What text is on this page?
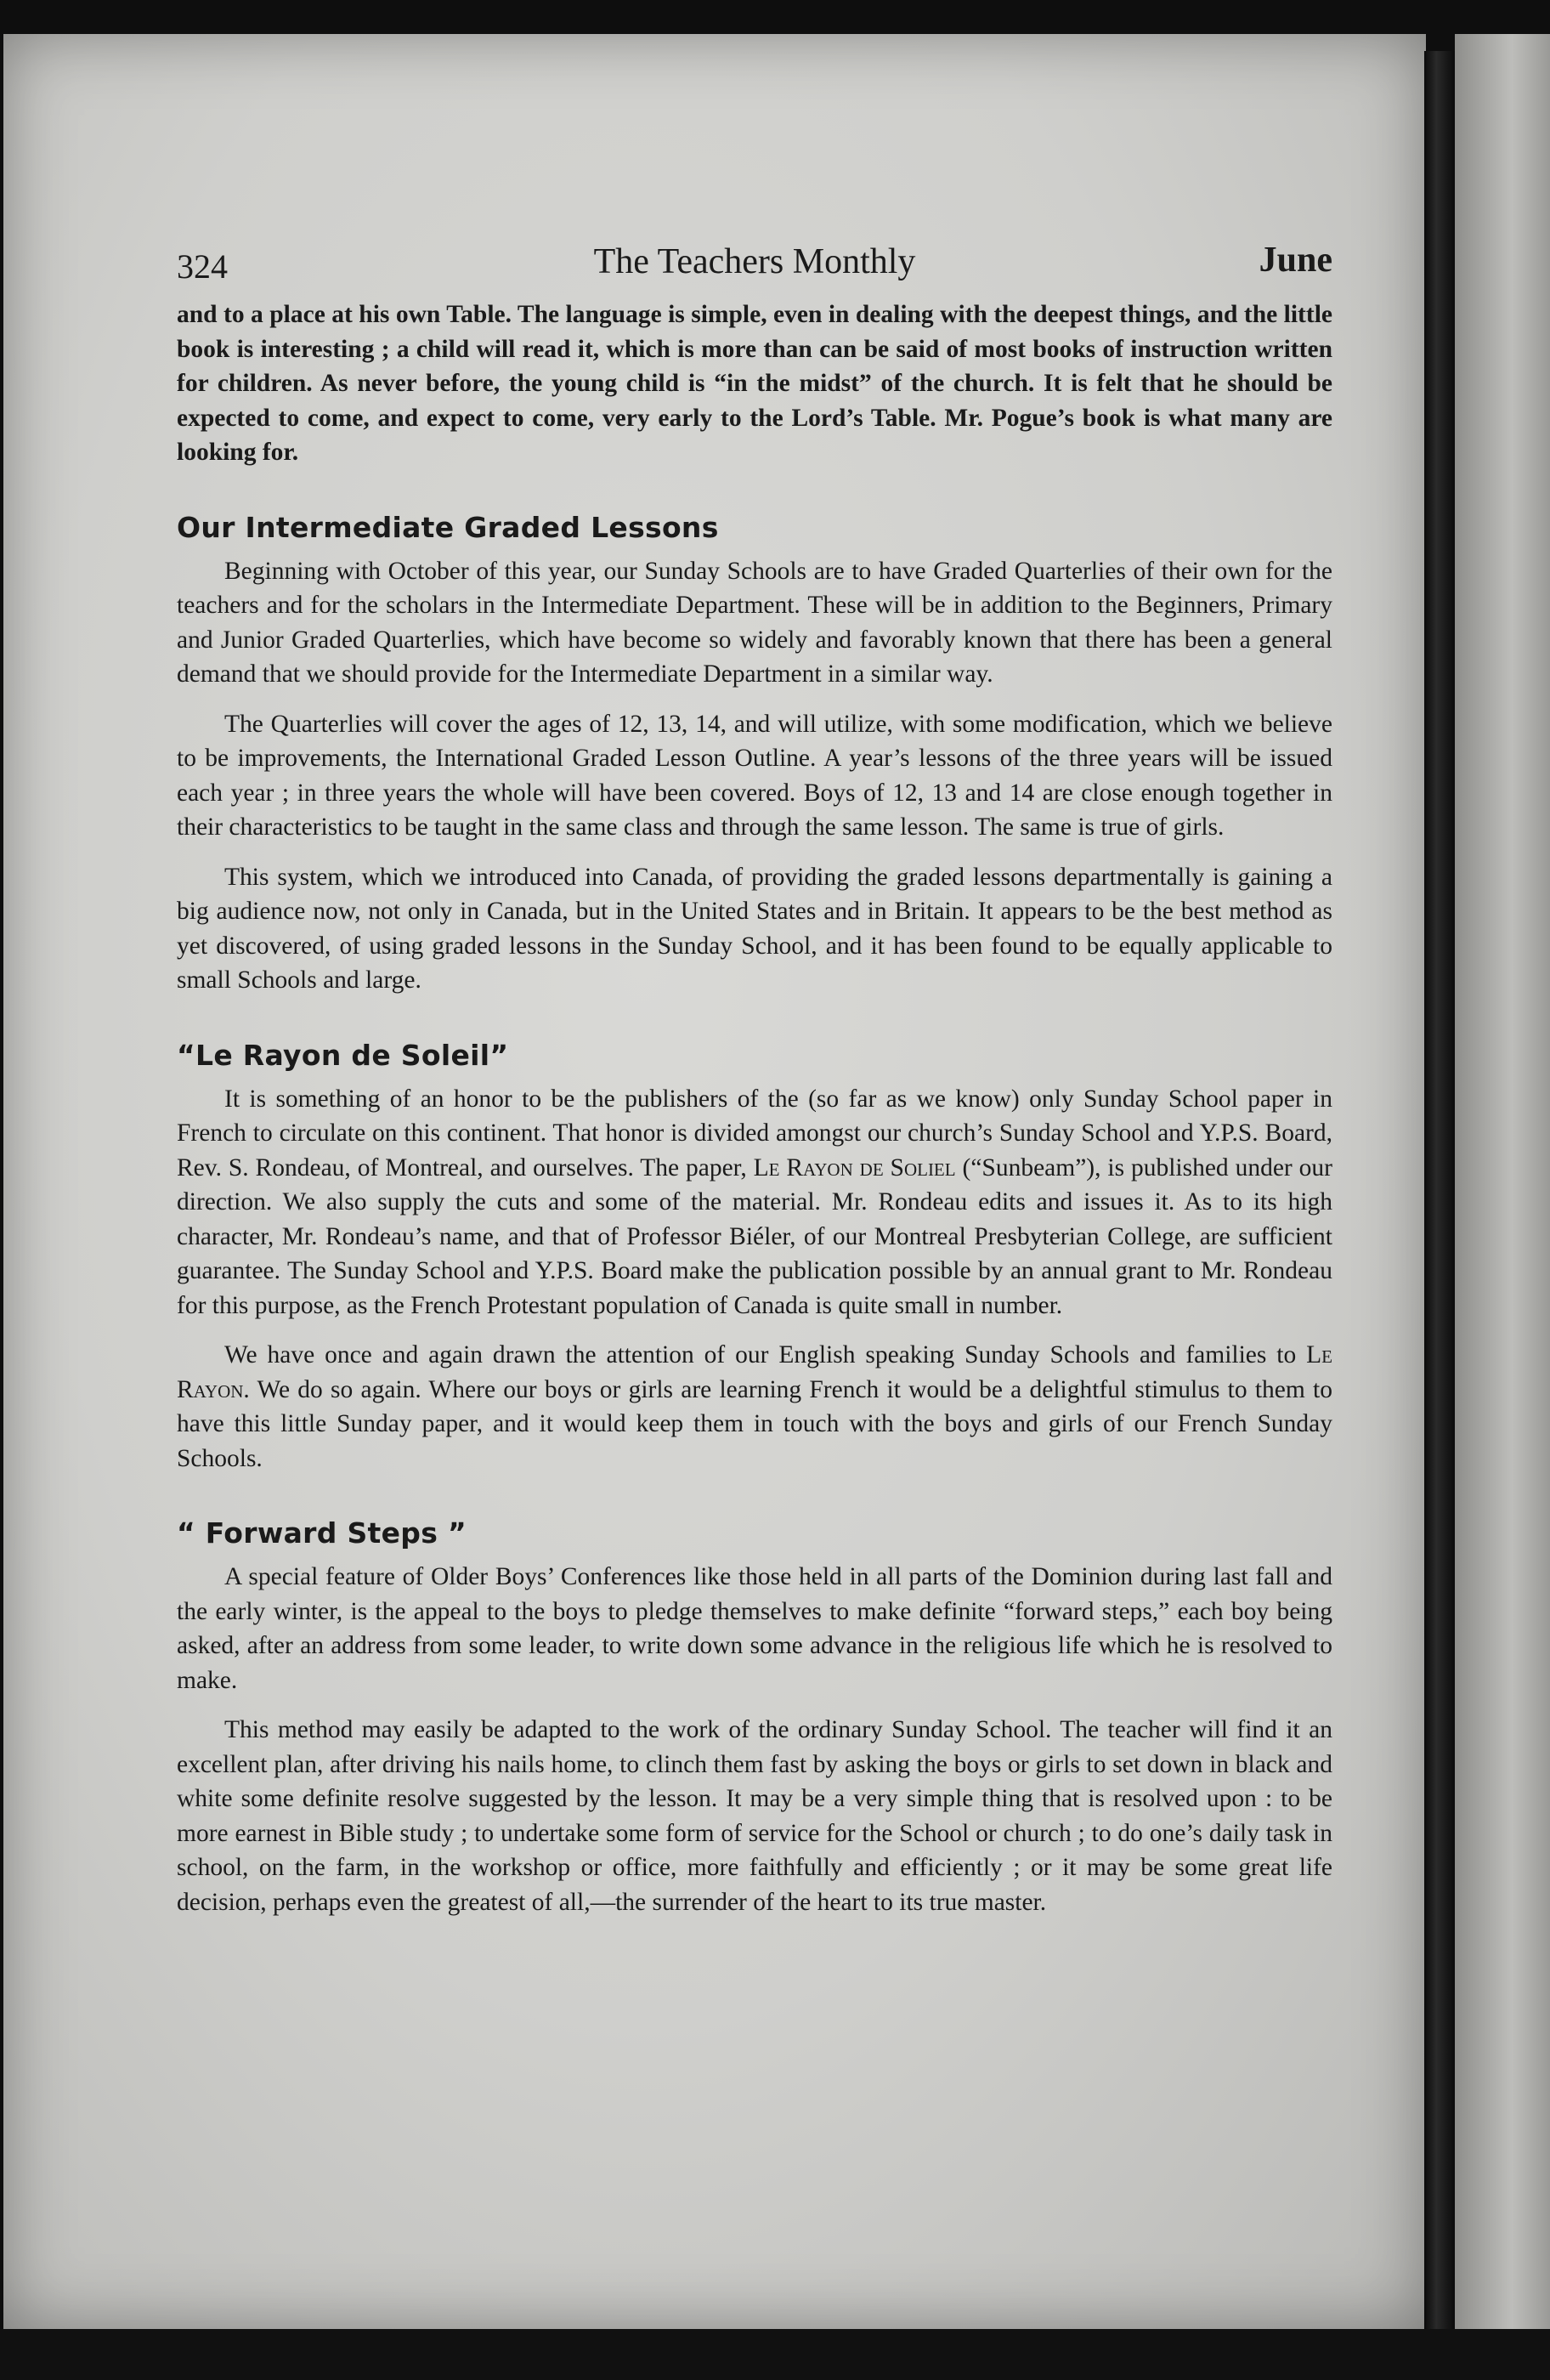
324	The Teachers Monthly	June

and to a place at his own Table. The language is simple, even in dealing with the deepest things, and the little book is interesting ; a child will read it, which is more than can be said of most books of instruction written for children. As never before, the young child is “in the midst” of the church. It is felt that he should be expected to come, and expect to come, very early to the Lord’s Table. Mr. Pogue’s book is what many are looking for.

Our Intermediate Graded Lessons

Beginning with October of this year, our Sunday Schools are to have Graded Quarterlies of their own for the teachers and for the scholars in the Intermediate Department. These will be in addition to the Beginners, Primary and Junior Graded Quarterlies, which have become so widely and favorably known that there has been a general demand that we should provide for the Intermediate Department in a similar way.

The Quarterlies will cover the ages of 12, 13, 14, and will utilize, with some modification, which we believe to be improvements, the International Graded Lesson Outline. A year’s lessons of the three years will be issued each year ; in three years the whole will have been covered. Boys of 12, 13 and 14 are close enough together in their characteristics to be taught in the same class and through the same lesson. The same is true of girls.

This system, which we introduced into Canada, of providing the graded lessons departmentally is gaining a big audience now, not only in Canada, but in the United States and in Britain. It appears to be the best method as yet discovered, of using graded lessons in the Sunday School, and it has been found to be equally applicable to small Schools and large.

“Le Rayon de Soleil”

It is something of an honor to be the publishers of the (so far as we know) only Sunday School paper in French to circulate on this continent. That honor is divided amongst our church’s Sunday School and Y.P.S. Board, Rev. S. Rondeau, of Montreal, and ourselves. The paper, Le Rayon de Soliel (“Sunbeam”), is published under our direction. We also supply the cuts and some of the material. Mr. Rondeau edits and issues it. As to its high character, Mr. Rondeau’s name, and that of Professor Biéler, of our Montreal Presbyterian College, are sufficient guarantee. The Sunday School and Y.P.S. Board make the publication possible by an annual grant to Mr. Rondeau for this purpose, as the French Protestant population of Canada is quite small in number.

We have once and again drawn the attention of our English speaking Sunday Schools and families to Le Rayon. We do so again. Where our boys or girls are learning French it would be a delightful stimulus to them to have this little Sunday paper, and it would keep them in touch with the boys and girls of our French Sunday Schools.

“ Forward Steps ”

A special feature of Older Boys’ Conferences like those held in all parts of the Dominion during last fall and the early winter, is the appeal to the boys to pledge themselves to make definite “forward steps,” each boy being asked, after an address from some leader, to write down some advance in the religious life which he is resolved to make.

This method may easily be adapted to the work of the ordinary Sunday School. The teacher will find it an excellent plan, after driving his nails home, to clinch them fast by asking the boys or girls to set down in black and white some definite resolve suggested by the lesson. It may be a very simple thing that is resolved upon : to be more earnest in Bible study ; to undertake some form of service for the School or church ; to do one’s daily task in school, on the farm, in the workshop or office, more faithfully and efficiently ; or it may be some great life decision, perhaps even the greatest of all,—the surrender of the heart to its true master.
